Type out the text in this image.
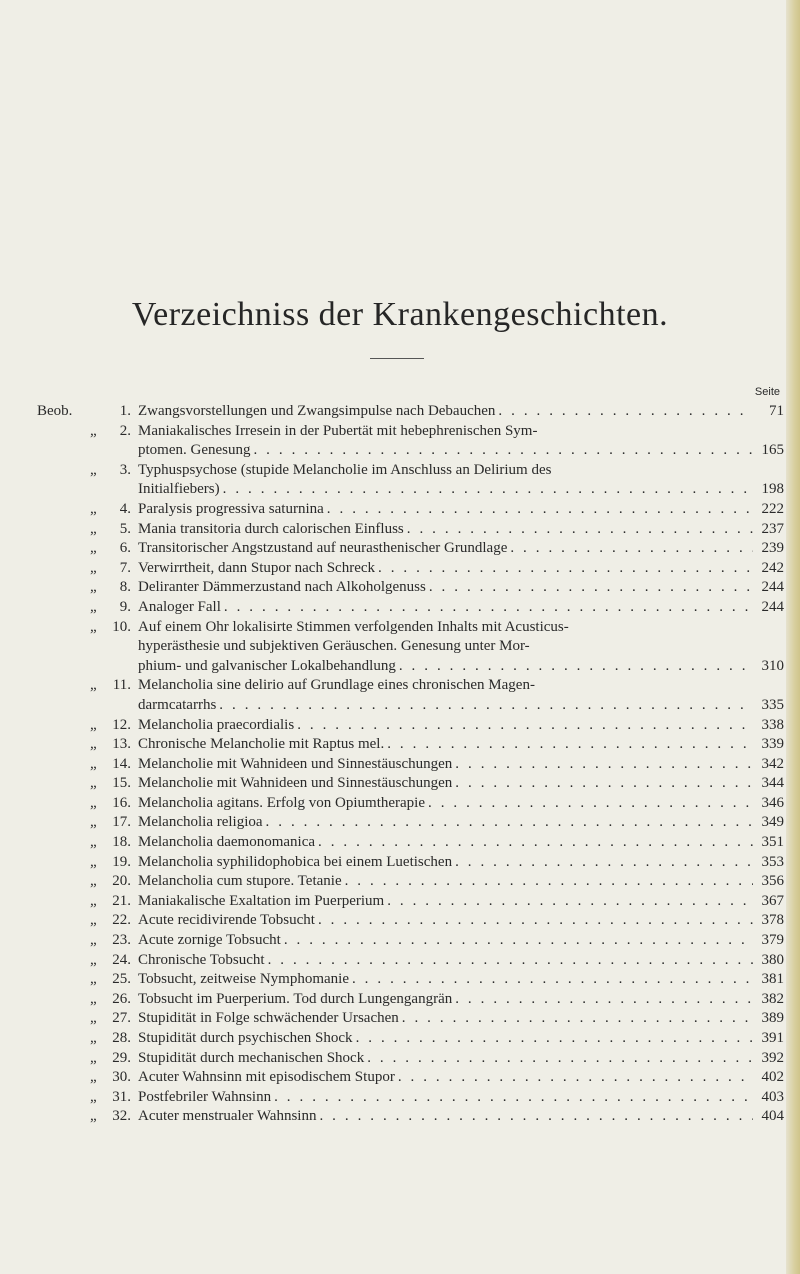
Verzeichniss der Krankengeschichten.
Seite
Beob.	1. Zwangsvorstellungen und Zwangsimpulse nach Debauchen . . .	71
„	2. Maniakalisches Irresein in der Pubertät mit hebephrenischen Sym-
ptomen. Genesung . . .	165
„	3. Typhuspsychose (stupide Melancholie im Anschluss an Delirium des
Initialfiebers) . . .	198
„	4. Paralysis progressiva saturnina . . .	222
„	5. Mania transitoria durch calorischen Einfluss . . .	237
„	6. Transitorischer Angstzustand auf neurasthenischer Grundlage . . .	239
„	7. Verwirrtheit, dann Stupor nach Schreck . . .	242
„	8. Deliranter Dämmerzustand nach Alkoholgenuss . . .	244
„	9. Analoger Fall . . .	244
„	10. Auf einem Ohr lokalisirte Stimmen verfolgenden Inhalts mit Acusticus-
hyperästhesie und subjektiven Geräuschen. Genesung unter Mor-
phium- und galvanischer Lokalbehandlung . . .	310
„	11. Melancholia sine delirio auf Grundlage eines chronischen Magen-
darmcatarrhs . . .	335
„	12. Melancholia praecordialis . . .	338
„	13. Chronische Melancholie mit Raptus mel. . . .	339
„	14. Melancholie mit Wahnideen und Sinnestäuschungen . . .	342
„	15. Melancholie mit Wahnideen und Sinnestäuschungen . . .	344
„	16. Melancholia agitans. Erfolg von Opiumtherapie . . .	346
„	17. Melancholia religioa . . .	349
„	18. Melancholia daemonomanica . . .	351
„	19. Melancholia syphilidophobica bei einem Luetischen . . .	353
„	20. Melancholia cum stupore. Tetanie . . .	356
„	21. Maniakalische Exaltation im Puerperium . . .	367
„	22. Acute recidivirende Tobsucht . . .	378
„	23. Acute zornige Tobsucht . . .	379
„	24. Chronische Tobsucht . . .	380
„	25. Tobsucht, zeitweise Nymphomanie . . .	381
„	26. Tobsucht im Puerperium. Tod durch Lungengangrän . . .	382
„	27. Stupidität in Folge schwächender Ursachen . . .	389
„	28. Stupidität durch psychischen Shock . . .	391
„	29. Stupidität durch mechanischen Shock . . .	392
„	30. Acuter Wahnsinn mit episodischem Stupor . . .	402
„	31. Postfebriler Wahnsinn . . .	403
„	32. Acuter menstrualer Wahnsinn . . .	404
